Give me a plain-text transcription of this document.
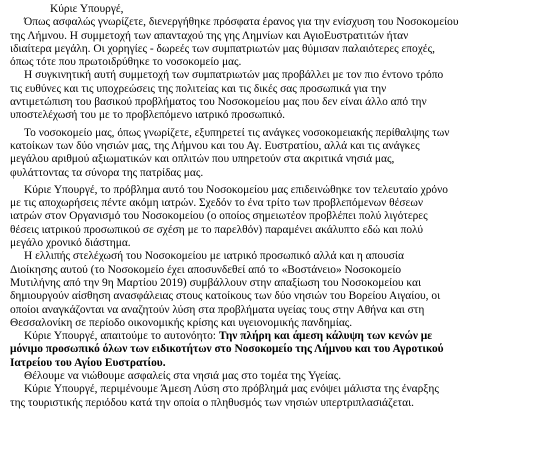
Κύριε Υπουργέ,
Όπως ασφαλώς γνωρίζετε, διενεργήθηκε πρόσφατα έρανος για την ενίσχυση του Νοσοκομείου
της Λήμνου. Η συμμετοχή των απανταχού της γης Λημνίων και ΑγιοΕυστρατιτών ήταν
ιδιαίτερα μεγάλη. Οι χορηγίες - δωρεές των συμπατριωτών μας θύμισαν παλαιότερες εποχές,
όπως τότε που πρωτοιδρύθηκε το νοσοκομείο μας.
Η συγκινητική αυτή συμμετοχή των συμπατριωτών μας προβάλλει με τον πιο έντονο τρόπο
τις ευθύνες και τις υποχρεώσεις της πολιτείας και τις δικές σας προσωπικά για την
αντιμετώπιση του βασικού προβλήματος του Νοσοκομείου μας που δεν είναι άλλο από την
υποστελέχωσή του με το προβλεπόμενο ιατρικό προσωπικό.
Το νοσοκομείο μας, όπως γνωρίζετε, εξυπηρετεί τις ανάγκες νοσοκομειακής περίθαλψης των
κατοίκων των δύο νησιών μας, της Λήμνου και του Αγ. Ευστρατίου, αλλά και τις ανάγκες
μεγάλου αριθμού αξιωματικών και οπλιτών που υπηρετούν στα ακριτικά νησιά μας,
φυλάττοντας τα σύνορα της πατρίδας μας.
Κύριε Υπουργέ, το πρόβλημα αυτό του Νοσοκομείου μας επιδεινώθηκε τον τελευταίο χρόνο
με τις αποχωρήσεις πέντε ακόμη ιατρών. Σχεδόν το ένα τρίτο των προβλεπόμενων θέσεων
ιατρών στον Οργανισμό του Νοσοκομείου (ο οποίος σημειωτέον προβλέπει πολύ λιγότερες
θέσεις ιατρικού προσωπικού σε σχέση με το παρελθόν) παραμένει ακάλυπτο εδώ και πολύ
μεγάλο χρονικό διάστημα.
Η ελλιπής στελέχωσή του Νοσοκομείου με ιατρικό προσωπικό αλλά και η απουσία
Διοίκησης αυτού (το Νοσοκομείο έχει αποσυνδεθεί από το «Βοστάνειο» Νοσοκομείο
Μυτιλήνης από την 9η Μαρτίου 2019) συμβάλλουν στην απαξίωση του Νοσοκομείου και
δημιουργούν αίσθηση ανασφάλειας στους κατοίκους των δύο νησιών του Βορείου Αιγαίου, οι
οποίοι αναγκάζονται να αναζητούν λύση στα προβλήματα υγείας τους στην Αθήνα και στη
Θεσσαλονίκη σε περίοδο οικονομικής κρίσης και υγειονομικής πανδημίας.
Κύριε Υπουργέ, απαιτούμε το αυτονόητο: Την πλήρη και άμεση κάλυψη των κενών με
μόνιμο προσωπικό όλων των ειδικοτήτων στο Νοσοκομείο της Λήμνου και του Αγροτικού
Ιατρείου του Αγίου Ευστρατίου.
Θέλουμε να νιώθουμε ασφαλείς στα νησιά μας στο τομέα της Υγείας.
Κύριε Υπουργέ, περιμένουμε Άμεση Λύση στο πρόβλημά μας ενόψει μάλιστα της έναρξης
της τουριστικής περιόδου κατά την οποία ο πληθυσμός των νησιών υπερτριπλασιάζεται.
